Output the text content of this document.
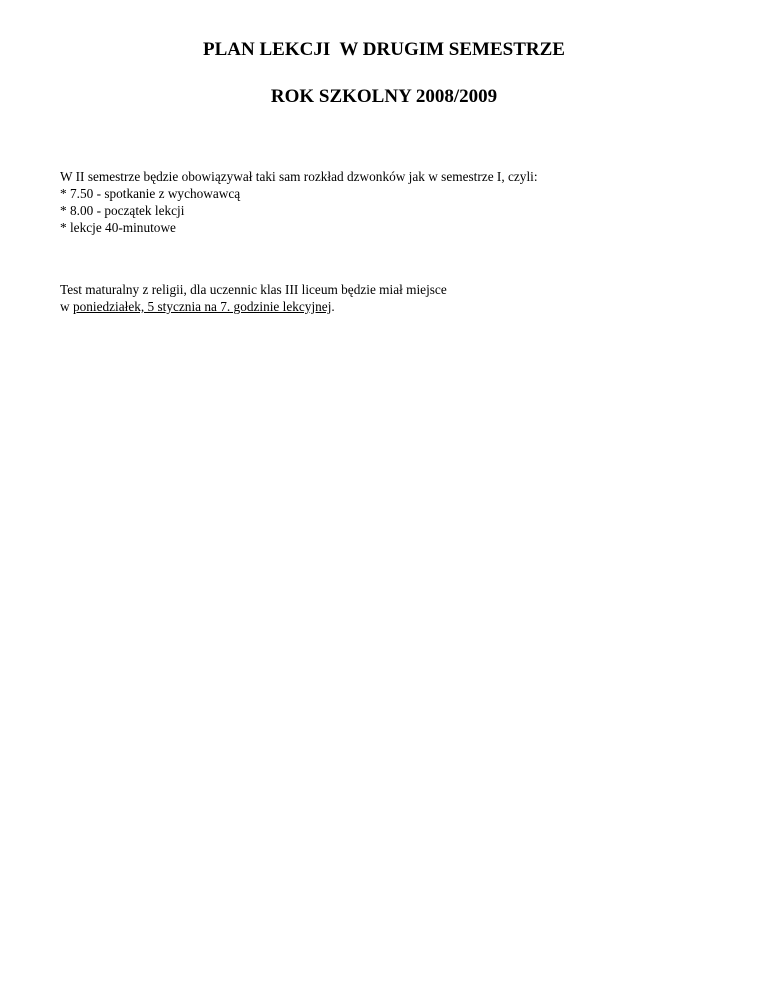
PLAN LEKCJI  W DRUGIM SEMESTRZE
ROK SZKOLNY 2008/2009
W II semestrze będzie obowiązywał taki sam rozkład dzwonków jak w semestrze I, czyli:
* 7.50 - spotkanie z wychowawcą
* 8.00 - początek lekcji
* lekcje 40-minutowe
Test maturalny z religii, dla uczennic klas III liceum będzie miał miejsce
w poniedziałek, 5 stycznia na 7. godzinie lekcyjnej.
